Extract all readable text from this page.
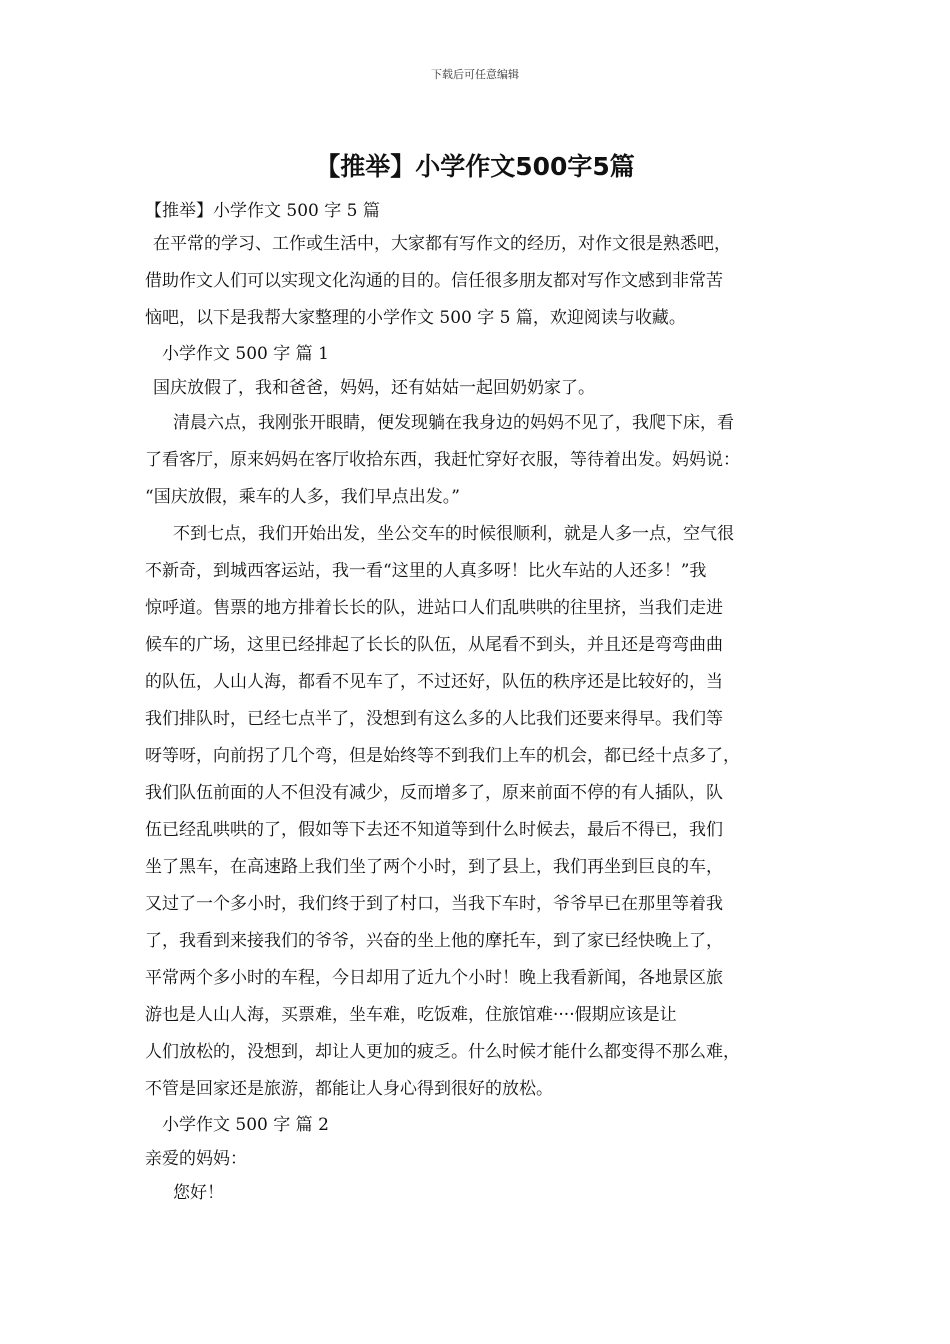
下载后可任意编辑
【推举】小学作文500字5篇
【推举】小学作文 500 字 5 篇
在平常的学习、工作或生活中，大家都有写作文的经历，对作文很是熟悉吧，
借助作文人们可以实现文化沟通的目的。信任很多朋友都对写作文感到非常苦
恼吧，以下是我帮大家整理的小学作文 500 字 5 篇，欢迎阅读与收藏。
小学作文 500 字 篇 1
国庆放假了，我和爸爸，妈妈，还有姑姑一起回奶奶家了。
清晨六点，我刚张开眼睛，便发现躺在我身边的妈妈不见了，我爬下床，看
了看客厅，原来妈妈在客厅收拾东西，我赶忙穿好衣服，等待着出发。妈妈说：
“国庆放假，乘车的人多，我们早点出发。”
不到七点，我们开始出发，坐公交车的时候很顺利，就是人多一点，空气很
不新奇，到城西客运站，我一看“这里的人真多呀！比火车站的人还多！”我
惊呼道。售票的地方排着长长的队，进站口人们乱哄哄的往里挤，当我们走进
候车的广场，这里已经排起了长长的队伍，从尾看不到头，并且还是弯弯曲曲
的队伍，人山人海，都看不见车了，不过还好，队伍的秩序还是比较好的，当
我们排队时，已经七点半了，没想到有这么多的人比我们还要来得早。我们等
呀等呀，向前拐了几个弯，但是始终等不到我们上车的机会，都已经十点多了，
我们队伍前面的人不但没有减少，反而增多了，原来前面不停的有人插队，队
伍已经乱哄哄的了，假如等下去还不知道等到什么时候去，最后不得已，我们
坐了黑车，在高速路上我们坐了两个小时，到了县上，我们再坐到巨良的车，
又过了一个多小时，我们终于到了村口，当我下车时，爷爷早已在那里等着我
了，我看到来接我们的爷爷，兴奋的坐上他的摩托车，到了家已经快晚上了，
平常两个多小时的车程，今日却用了近九个小时！晚上我看新闻，各地景区旅
游也是人山人海，买票难，坐车难，吃饭难，住旅馆难····假期应该是让
人们放松的，没想到，却让人更加的疲乏。什么时候才能什么都变得不那么难，
不管是回家还是旅游，都能让人身心得到很好的放松。
小学作文 500 字 篇 2
亲爱的妈妈：
您好！
